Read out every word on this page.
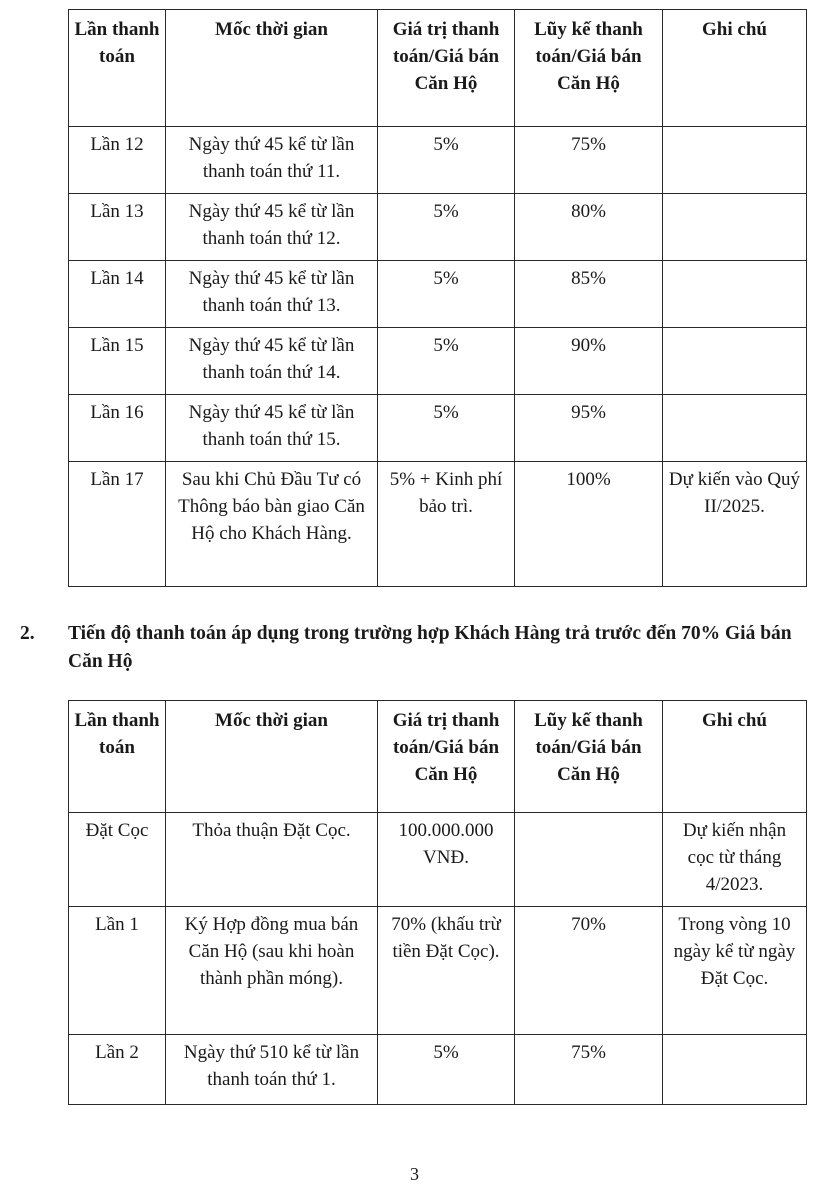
Lần thanh toán	Mốc thời gian	Giá trị thanh toán/Giá bán Căn Hộ	Lũy kế thanh toán/Giá bán Căn Hộ	Ghi chú
Lần 12	Ngày thứ 45 kể từ lần thanh toán thứ 11.	5%	75%	
Lần 13	Ngày thứ 45 kể từ lần thanh toán thứ 12.	5%	80%	
Lần 14	Ngày thứ 45 kể từ lần thanh toán thứ 13.	5%	85%	
Lần 15	Ngày thứ 45 kể từ lần thanh toán thứ 14.	5%	90%	
Lần 16	Ngày thứ 45 kể từ lần thanh toán thứ 15.	5%	95%	
Lần 17	Sau khi Chủ Đầu Tư có Thông báo bàn giao Căn Hộ cho Khách Hàng.	5% + Kinh phí bảo trì.	100%	Dự kiến vào Quý II/2025.
2. Tiến độ thanh toán áp dụng trong trường hợp Khách Hàng trả trước đến 70% Giá bán Căn Hộ
Lần thanh toán	Mốc thời gian	Giá trị thanh toán/Giá bán Căn Hộ	Lũy kế thanh toán/Giá bán Căn Hộ	Ghi chú
Đặt Cọc	Thỏa thuận Đặt Cọc.	100.000.000 VNĐ.		Dự kiến nhận cọc từ tháng 4/2023.
Lần 1	Ký Hợp đồng mua bán Căn Hộ (sau khi hoàn thành phần móng).	70% (khấu trừ tiền Đặt Cọc).	70%	Trong vòng 10 ngày kể từ ngày Đặt Cọc.
Lần 2	Ngày thứ 510 kể từ lần thanh toán thứ 1.	5%	75%	
3
